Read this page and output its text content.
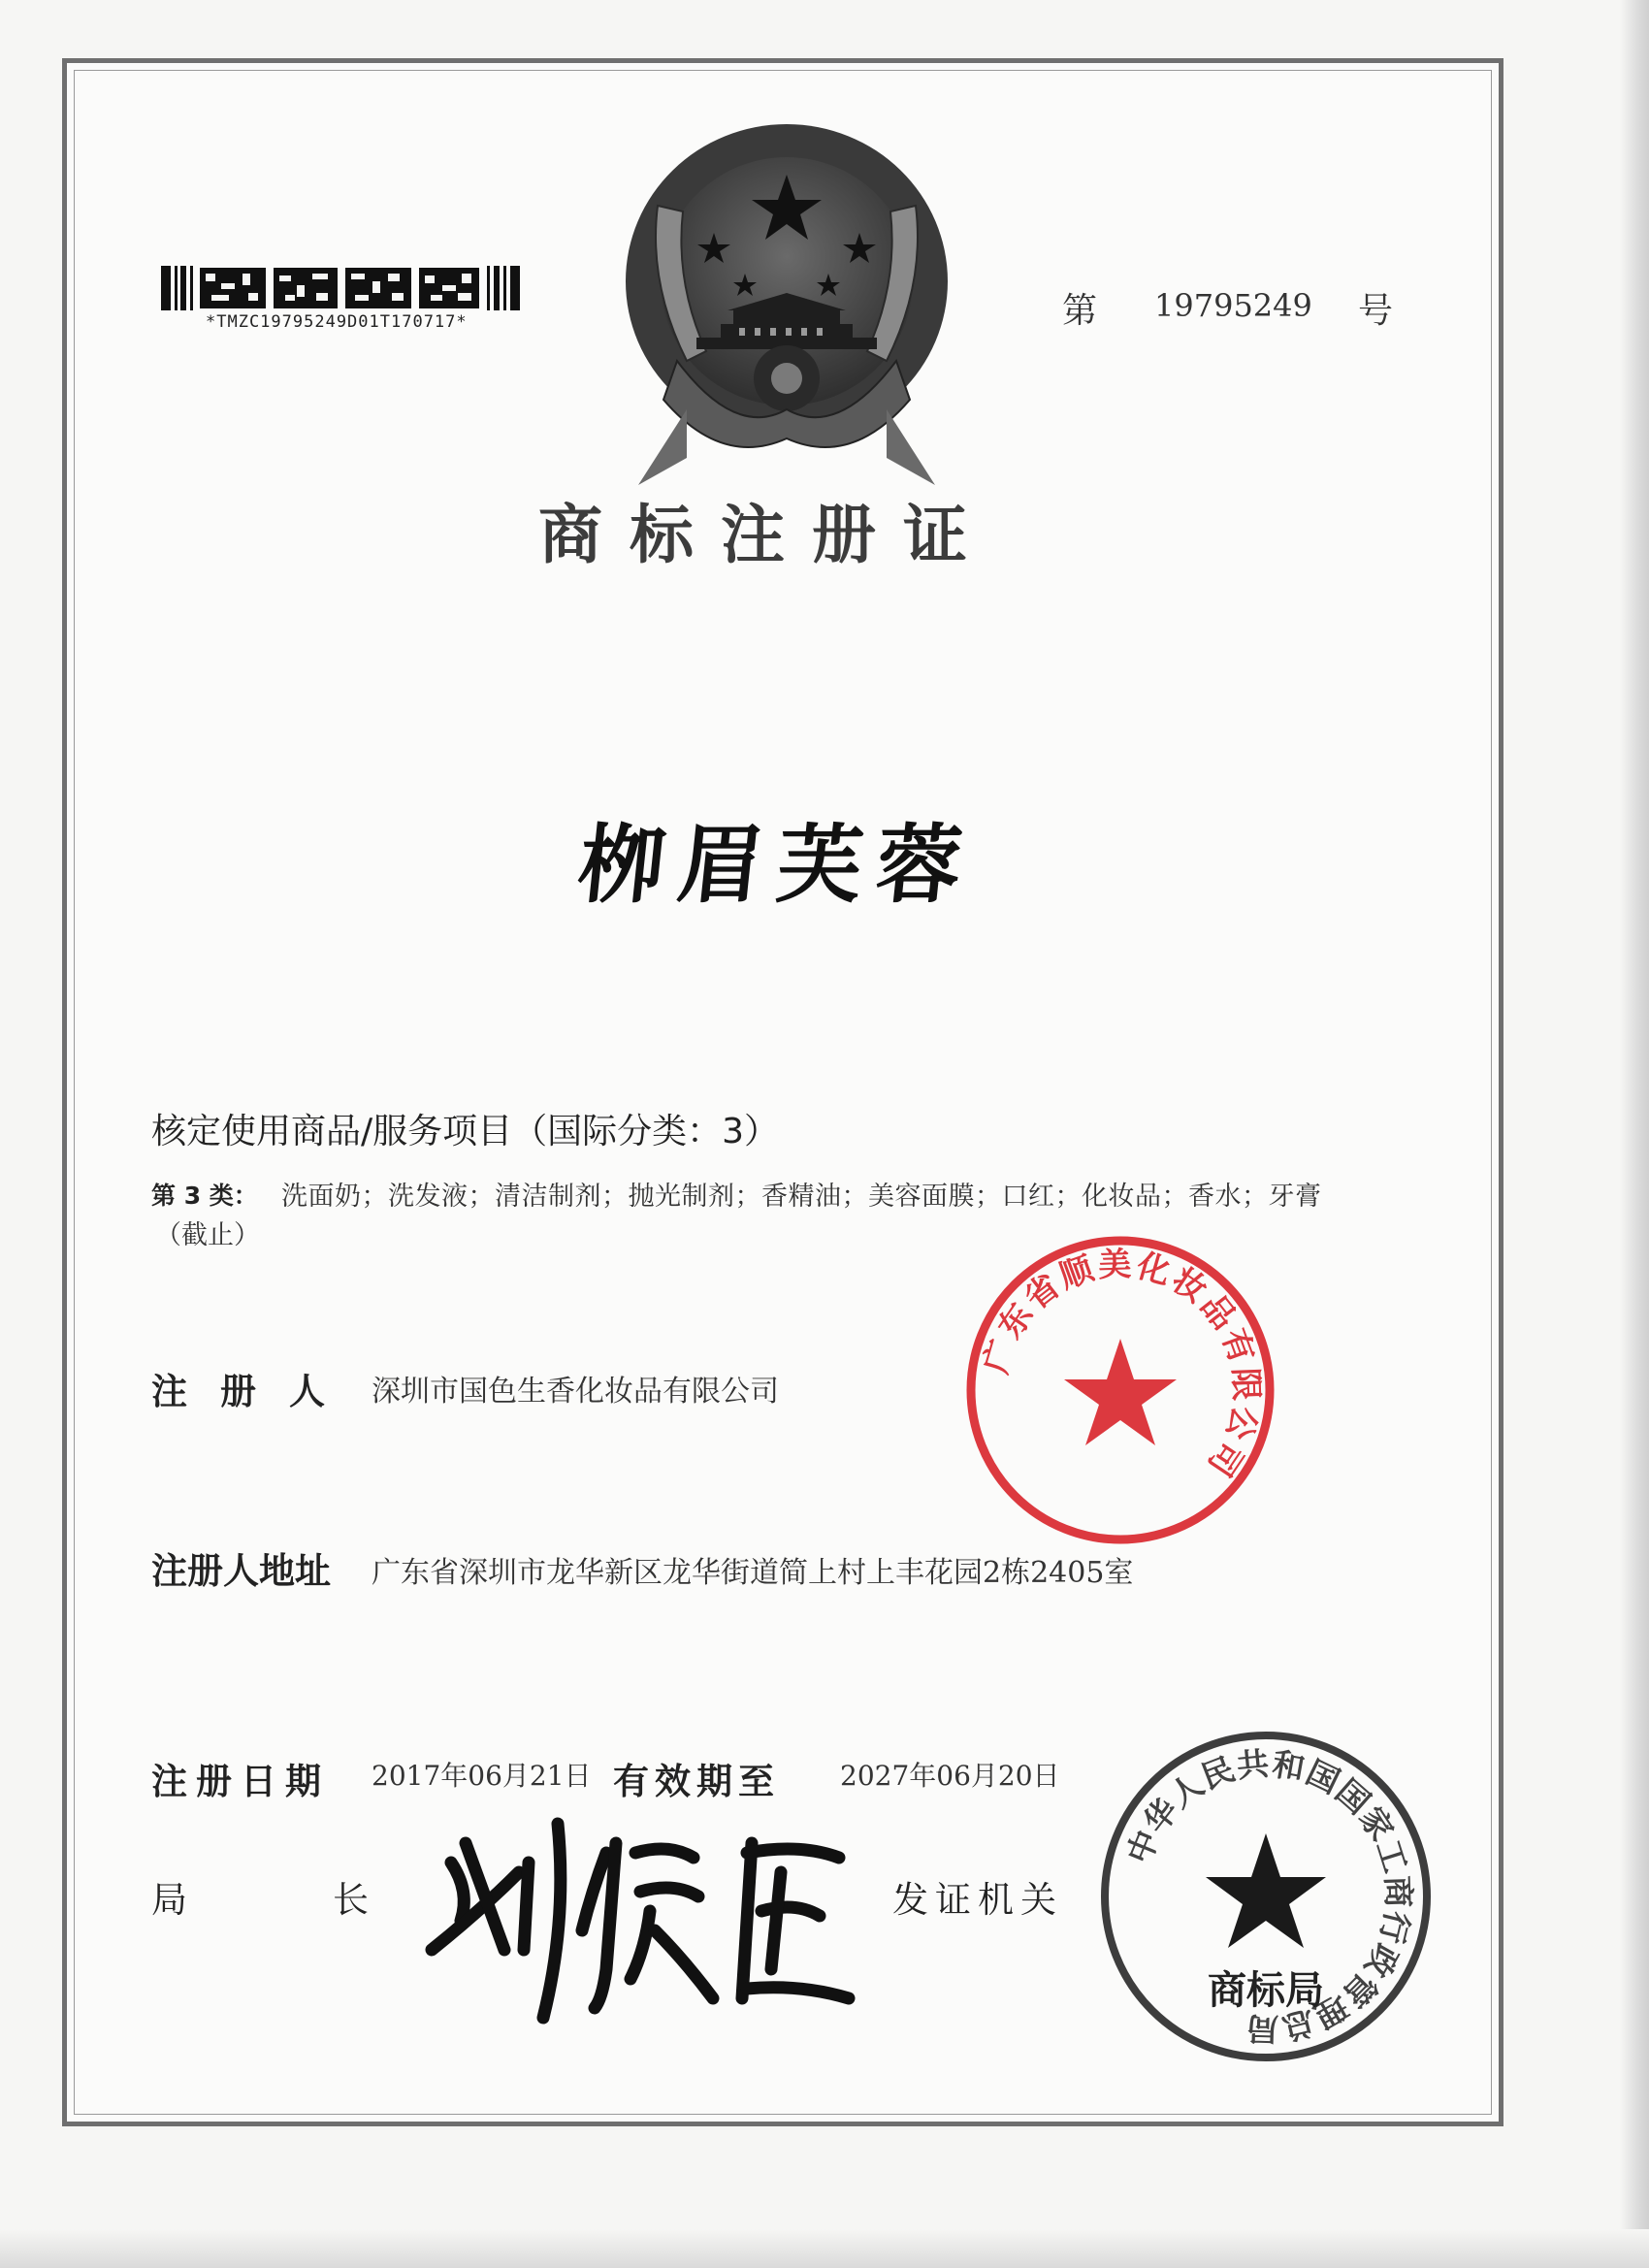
*TMZC19795249D01T170717*	第 19795249 号
商标注册证
栁眉芙蓉
核定使用商品/服务项目（国际分类：3）
第 3 类： 洗面奶；洗发液；清洁制剂；抛光制剂；香精油；美容面膜；口红；化妆品；香水；牙膏
（截止）
注册人 深圳市国色生香化妆品有限公司
广东省顺美化妆品有限公司
注册人地址 广东省深圳市龙华新区龙华街道简上村上丰花园2栋2405室
注册日期 2017年06月21日 有效期至 2027年06月20日
局长	发证机关
中华人民共和国国家工商行政管理总局
商标局
